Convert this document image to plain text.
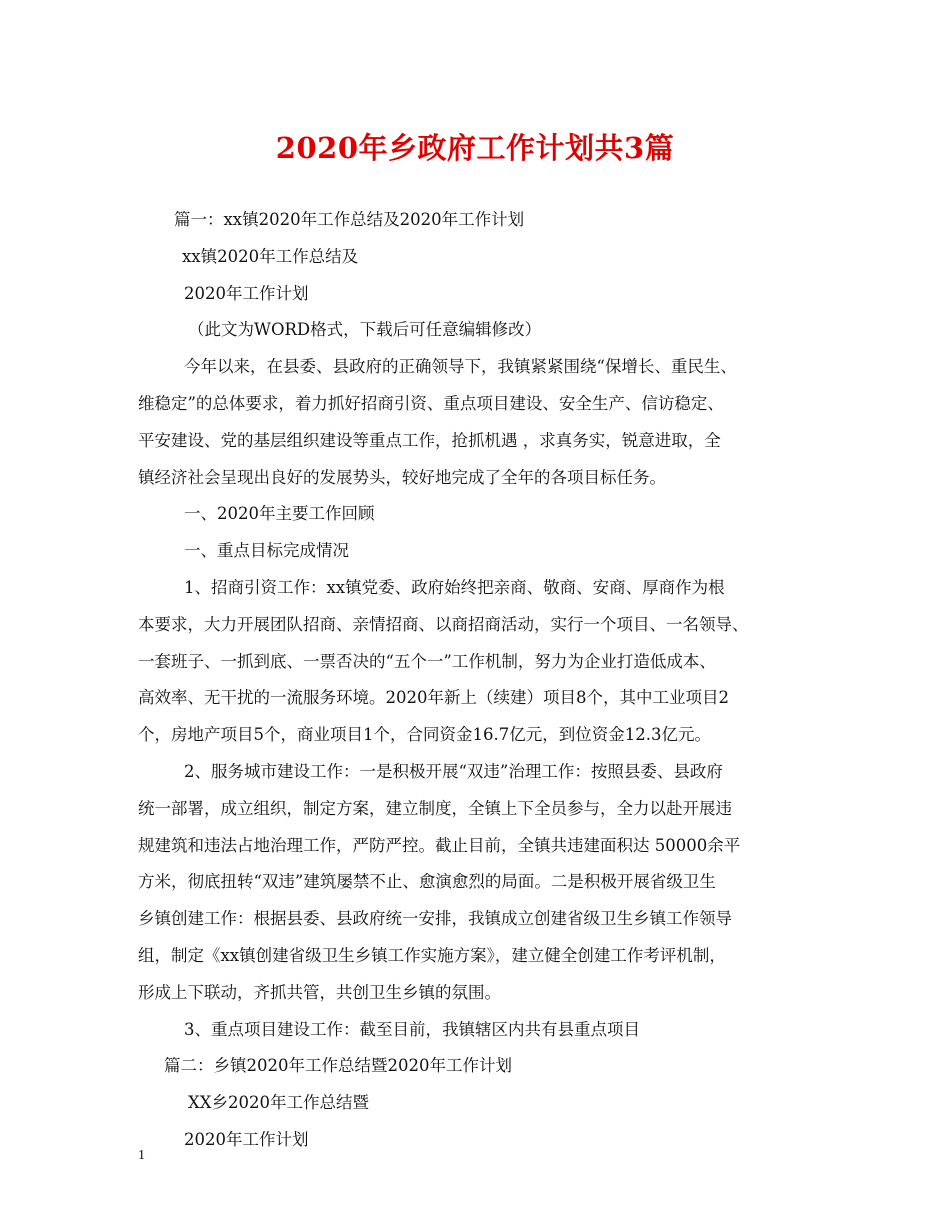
2020年乡政府工作计划共3篇
篇一：xx镇2020年工作总结及2020年工作计划
xx镇2020年工作总结及
2020年工作计划
（此文为WORD格式，下载后可任意编辑修改）
今年以来，在县委、县政府的正确领导下，我镇紧紧围绕“保增长、重民生、
维稳定”的总体要求，着力抓好招商引资、重点项目建设、安全生产、信访稳定、
平安建设、党的基层组织建设等重点工作，抢抓机遇 ，求真务实，锐意进取，全
镇经济社会呈现出良好的发展势头，较好地完成了全年的各项目标任务。
一、2020年主要工作回顾
一、重点目标完成情况
1、招商引资工作：xx镇党委、政府始终把亲商、敬商、安商、厚商作为根
本要求，大力开展团队招商、亲情招商、以商招商活动，实行一个项目、一名领导、
一套班子、一抓到底、一票否决的“五个一”工作机制，努力为企业打造低成本、
高效率、无干扰的一流服务环境。2020年新上（续建）项目8个，其中工业项目2
个，房地产项目5个，商业项目1个，合同资金16.7亿元，到位资金12.3亿元。
2、服务城市建设工作：一是积极开展“双违”治理工作：按照县委、县政府
统一部署，成立组织，制定方案，建立制度，全镇上下全员参与，全力以赴开展违
规建筑和违法占地治理工作，严防严控。截止目前，全镇共违建面积达 50000余平
方米，彻底扭转“双违”建筑屡禁不止、愈演愈烈的局面。二是积极开展省级卫生
乡镇创建工作：根据县委、县政府统一安排，我镇成立创建省级卫生乡镇工作领导
组，制定《xx镇创建省级卫生乡镇工作实施方案》，建立健全创建工作考评机制，
形成上下联动，齐抓共管，共创卫生乡镇的氛围。
3、重点项目建设工作：截至目前，我镇辖区内共有县重点项目
篇二：乡镇2020年工作总结暨2020年工作计划
XX乡2020年工作总结暨
2020年工作计划
1
